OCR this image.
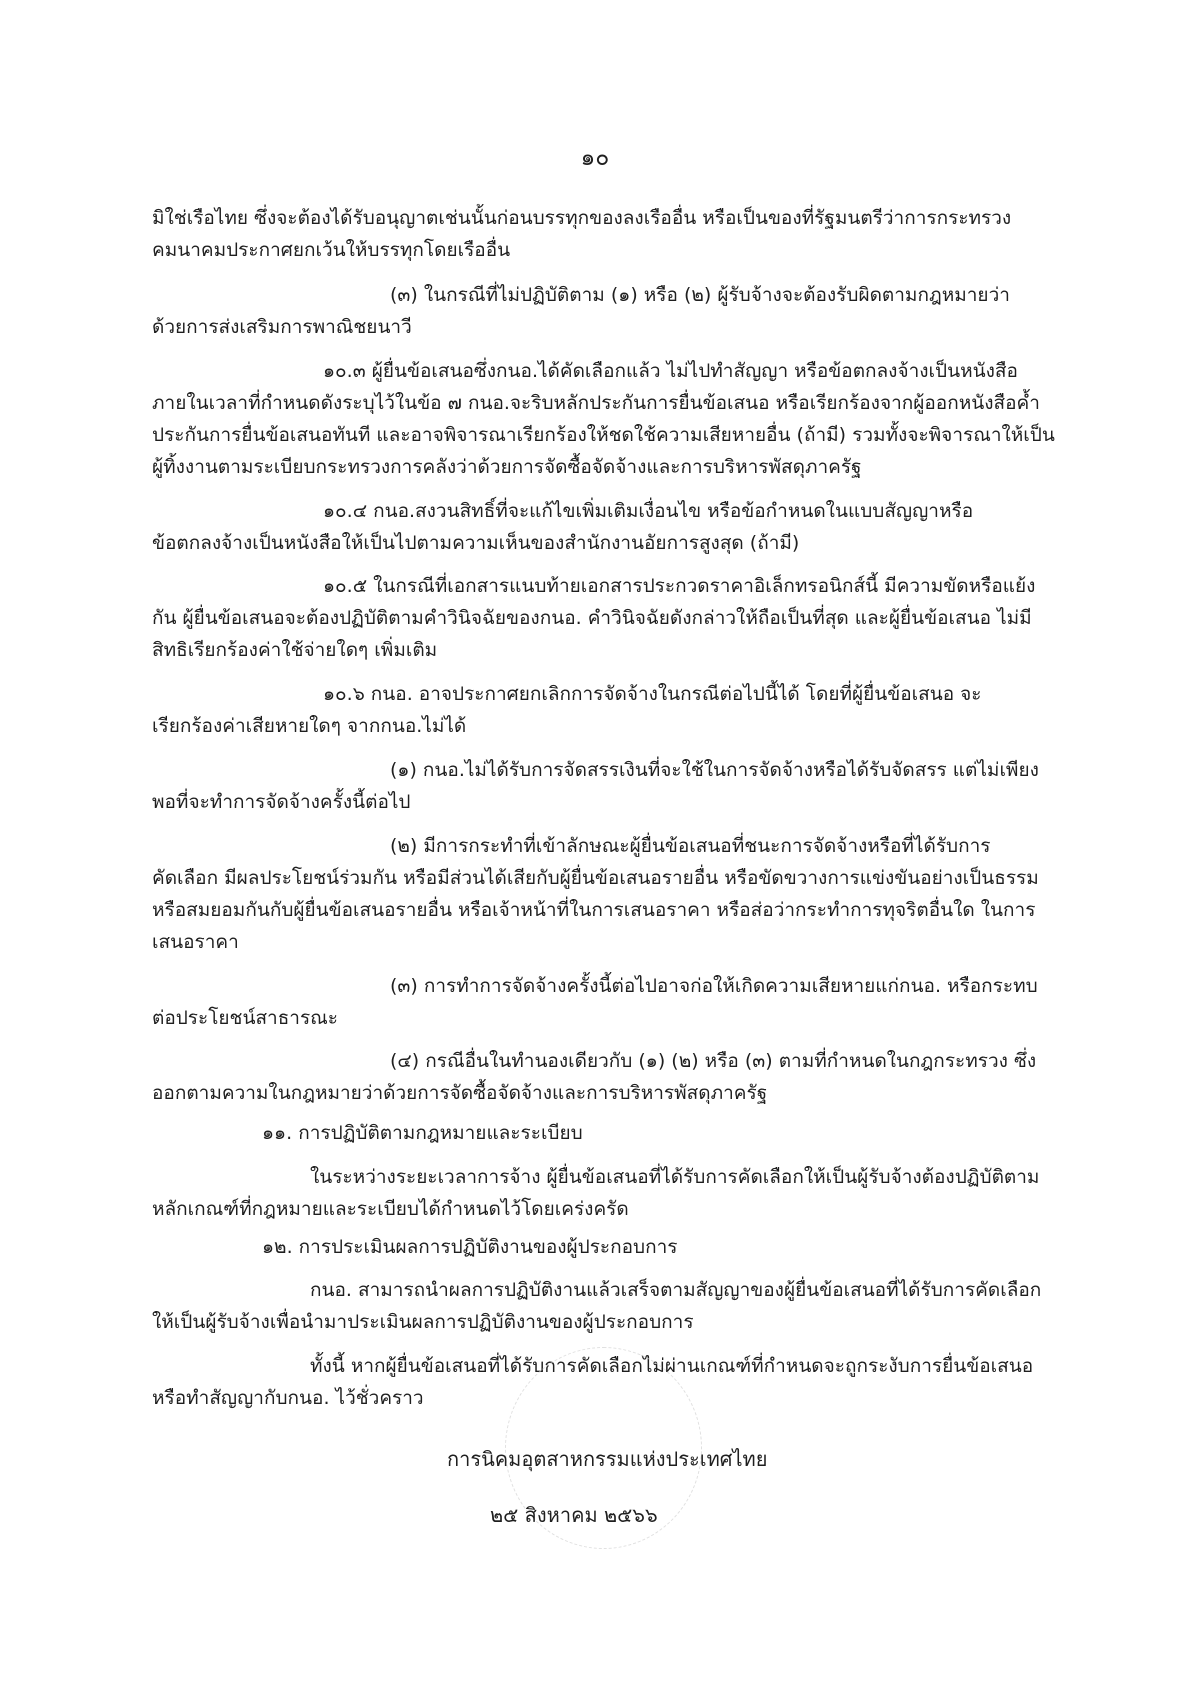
๑๐
มิใช่เรือไทย ซึ่งจะต้องได้รับอนุญาตเช่นนั้นก่อนบรรทุกของลงเรืออื่น หรือเป็นของที่รัฐมนตรีว่าการกระทรวง
คมนาคมประกาศยกเว้นให้บรรทุกโดยเรืออื่น
(๓) ในกรณีที่ไม่ปฏิบัติตาม (๑) หรือ (๒) ผู้รับจ้างจะต้องรับผิดตามกฎหมายว่า
ด้วยการส่งเสริมการพาณิชยนาวี
๑๐.๓ ผู้ยื่นข้อเสนอซึ่งกนอ.ได้คัดเลือกแล้ว ไม่ไปทำสัญญา หรือข้อตกลงจ้างเป็นหนังสือ
ภายในเวลาที่กำหนดดังระบุไว้ในข้อ ๗ กนอ.จะริบหลักประกันการยื่นข้อเสนอ หรือเรียกร้องจากผู้ออกหนังสือค้ำ
ประกันการยื่นข้อเสนอทันที และอาจพิจารณาเรียกร้องให้ชดใช้ความเสียหายอื่น (ถ้ามี) รวมทั้งจะพิจารณาให้เป็น
ผู้ทิ้งงานตามระเบียบกระทรวงการคลังว่าด้วยการจัดซื้อจัดจ้างและการบริหารพัสดุภาครัฐ
๑๐.๔ กนอ.สงวนสิทธิ์ที่จะแก้ไขเพิ่มเติมเงื่อนไข หรือข้อกำหนดในแบบสัญญาหรือ
ข้อตกลงจ้างเป็นหนังสือให้เป็นไปตามความเห็นของสำนักงานอัยการสูงสุด (ถ้ามี)
๑๐.๕ ในกรณีที่เอกสารแนบท้ายเอกสารประกวดราคาอิเล็กทรอนิกส์นี้ มีความขัดหรือแย้ง
กัน ผู้ยื่นข้อเสนอจะต้องปฏิบัติตามคำวินิจฉัยของกนอ. คำวินิจฉัยดังกล่าวให้ถือเป็นที่สุด และผู้ยื่นข้อเสนอ ไม่มี
สิทธิเรียกร้องค่าใช้จ่ายใดๆ เพิ่มเติม
๑๐.๖ กนอ. อาจประกาศยกเลิกการจัดจ้างในกรณีต่อไปนี้ได้ โดยที่ผู้ยื่นข้อเสนอ จะ
เรียกร้องค่าเสียหายใดๆ จากกนอ.ไม่ได้
(๑) กนอ.ไม่ได้รับการจัดสรรเงินที่จะใช้ในการจัดจ้างหรือได้รับจัดสรร แต่ไม่เพียง
พอที่จะทำการจัดจ้างครั้งนี้ต่อไป
(๒) มีการกระทำที่เข้าลักษณะผู้ยื่นข้อเสนอที่ชนะการจัดจ้างหรือที่ได้รับการ
คัดเลือก มีผลประโยชน์ร่วมกัน หรือมีส่วนได้เสียกับผู้ยื่นข้อเสนอรายอื่น หรือขัดขวางการแข่งขันอย่างเป็นธรรม
หรือสมยอมกันกับผู้ยื่นข้อเสนอรายอื่น หรือเจ้าหน้าที่ในการเสนอราคา หรือส่อว่ากระทำการทุจริตอื่นใด ในการ
เสนอราคา
(๓) การทำการจัดจ้างครั้งนี้ต่อไปอาจก่อให้เกิดความเสียหายแก่กนอ. หรือกระทบ
ต่อประโยชน์สาธารณะ
(๔) กรณีอื่นในทำนองเดียวกับ (๑) (๒) หรือ (๓) ตามที่กำหนดในกฎกระทรวง ซึ่ง
ออกตามความในกฎหมายว่าด้วยการจัดซื้อจัดจ้างและการบริหารพัสดุภาครัฐ
๑๑. การปฏิบัติตามกฎหมายและระเบียบ
ในระหว่างระยะเวลาการจ้าง ผู้ยื่นข้อเสนอที่ได้รับการคัดเลือกให้เป็นผู้รับจ้างต้องปฏิบัติตาม
หลักเกณฑ์ที่กฎหมายและระเบียบได้กำหนดไว้โดยเคร่งครัด
๑๒. การประเมินผลการปฏิบัติงานของผู้ประกอบการ
กนอ. สามารถนำผลการปฏิบัติงานแล้วเสร็จตามสัญญาของผู้ยื่นข้อเสนอที่ได้รับการคัดเลือก
ให้เป็นผู้รับจ้างเพื่อนำมาประเมินผลการปฏิบัติงานของผู้ประกอบการ
ทั้งนี้ หากผู้ยื่นข้อเสนอที่ได้รับการคัดเลือกไม่ผ่านเกณฑ์ที่กำหนดจะถูกระงับการยื่นข้อเสนอ
หรือทำสัญญากับกนอ. ไว้ชั่วคราว
การนิคมอุตสาหกรรมแห่งประเทศไทย
๒๕ สิงหาคม ๒๕๖๖
